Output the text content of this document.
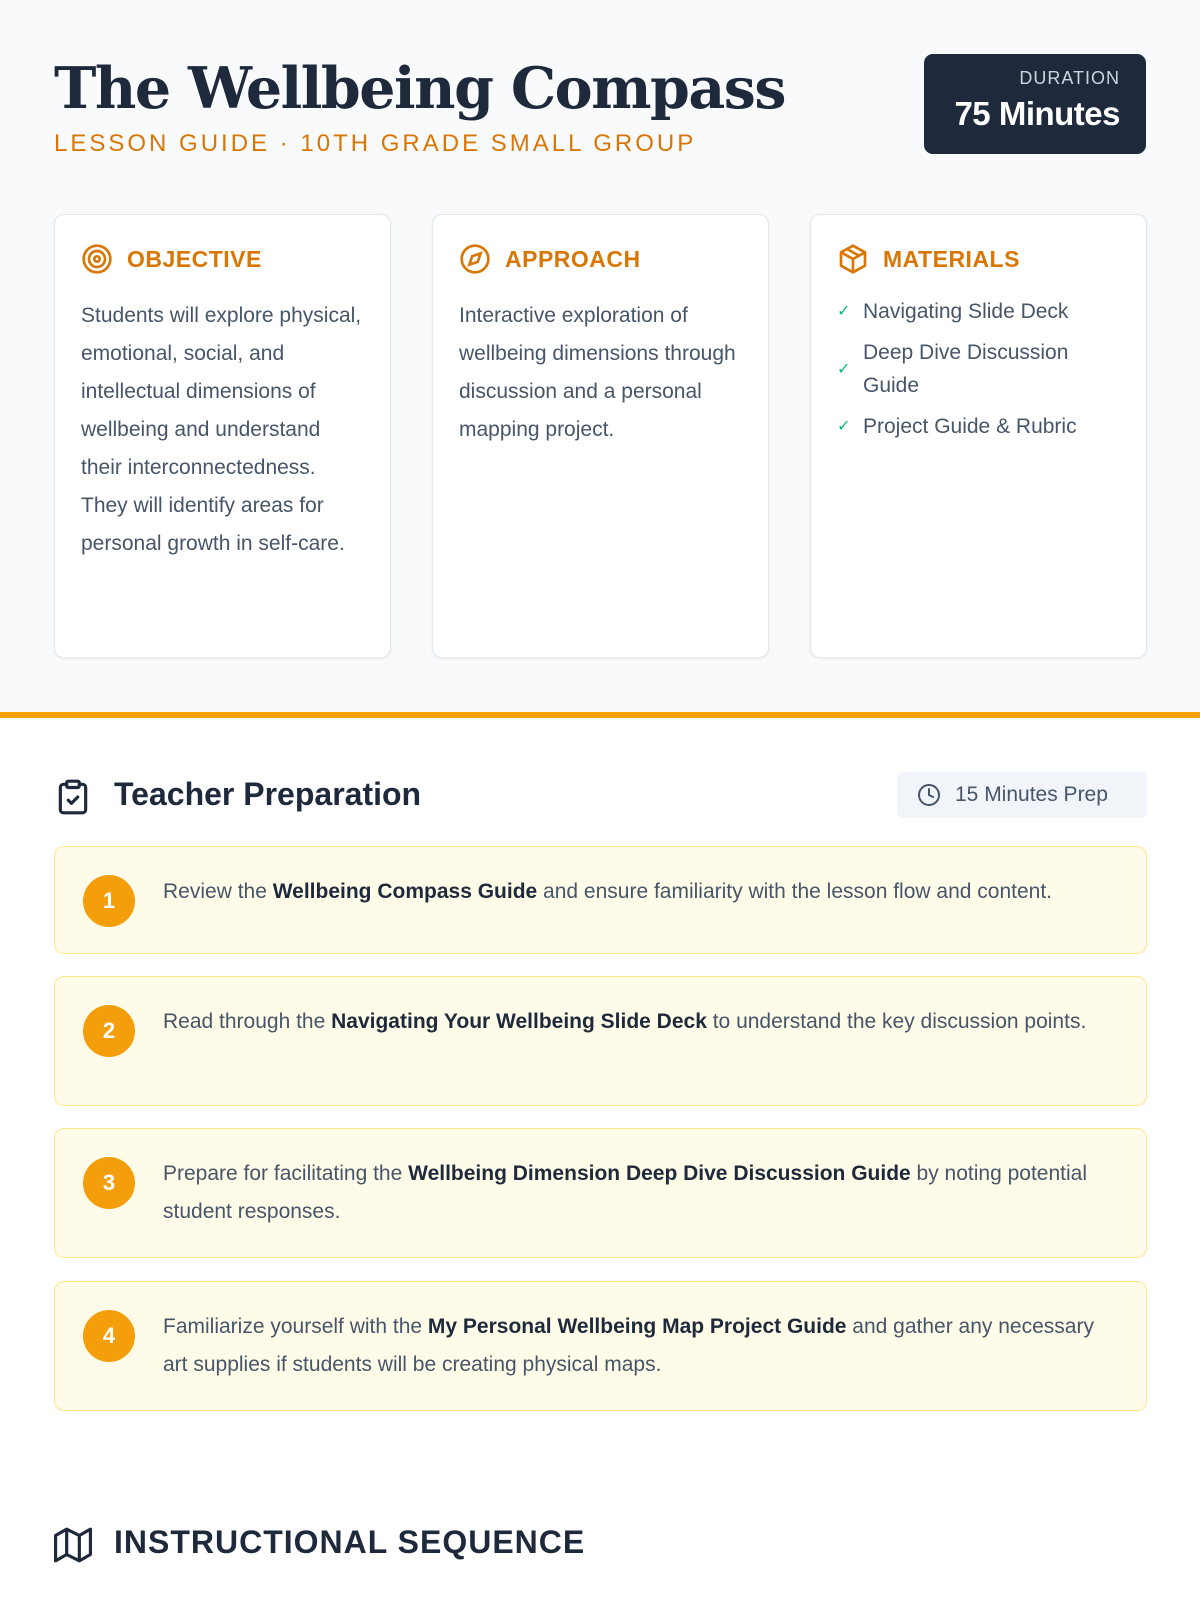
The Wellbeing Compass
LESSON GUIDE · 10TH GRADE SMALL GROUP
DURATION
75 Minutes
OBJECTIVE
Students will explore physical, emotional, social, and intellectual dimensions of wellbeing and understand their interconnectedness. They will identify areas for personal growth in self-care.
APPROACH
Interactive exploration of wellbeing dimensions through discussion and a personal mapping project.
MATERIALS
✓ Navigating Slide Deck
✓
Deep Dive Discussion Guide
✓ Project Guide & Rubric
Teacher Preparation	15 Minutes Prep
1	Review the Wellbeing Compass Guide and ensure familiarity with the lesson flow and content.
2	Read through the Navigating Your Wellbeing Slide Deck to understand the key discussion points.
3	Prepare for facilitating the Wellbeing Dimension Deep Dive Discussion Guide by noting potential student responses.
4	Familiarize yourself with the My Personal Wellbeing Map Project Guide and gather any necessary art supplies if students will be creating physical maps.
INSTRUCTIONAL SEQUENCE
